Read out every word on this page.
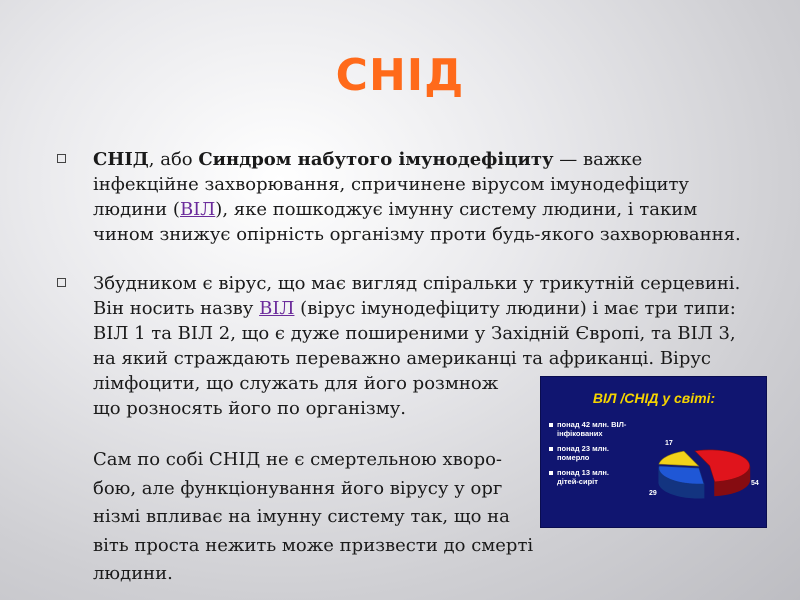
СНІД
СНІД, або Синдром набутого імунодефіциту — важке інфекційне захворювання, спричинене вірусом імунодефіциту людини (ВІЛ), яке пошкоджує імунну систему людини, і таким чином знижує опірність організму проти будь-якого захворювання.
Збудником є вірус, що має вигляд спіральки у трикутній серцевині. Він носить назву ВІЛ (вірус імунодефіциту людини) і має три типи: ВІЛ 1 та ВІЛ 2, що є дуже поширеними у Західній Європі, та ВІЛ 3, на який страждають переважно американці та африканці. Вірус
лімфоцити, що служать для його розмнож
що розносять його по організму.
Сам по собі СНІД не є смертельною хворо-
бою, але функціонування його вірусу у орг
нізмі впливає на імунну систему так, що на
віть проста нежить може призвести до смерті
людини.
ВІЛ /СНІД у світі:
понад 42 млн. ВІЛ-інфікованих
понад 23 млн. померло
понад 13 млн. дітей-сиріт	54
29
17
